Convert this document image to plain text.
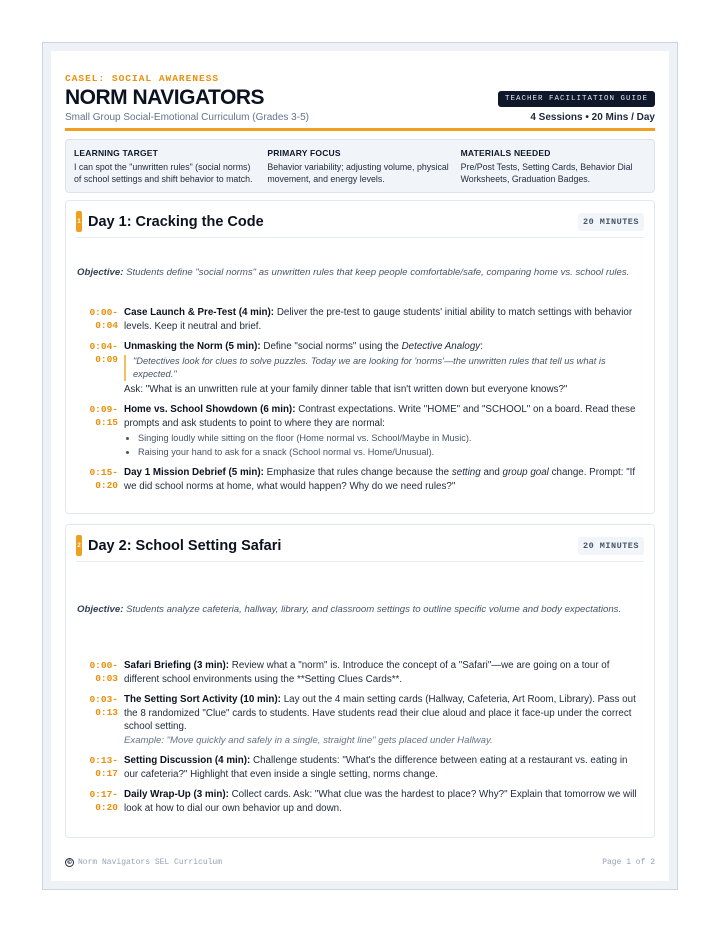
CASEL: SOCIAL AWARENESS
NORM NAVIGATORS	TEACHER FACILITATION GUIDE
Small Group Social-Emotional Curriculum (Grades 3-5)	4 Sessions • 20 Mins / Day
LEARNING TARGET

I can spot the "unwritten rules" (social norms) of school settings and shift behavior to match.

PRIMARY FOCUS

Behavior variability; adjusting volume, physical movement, and energy levels.

MATERIALS NEEDED

Pre/Post Tests, Setting Cards, Behavior Dial Worksheets, Graduation Badges.

1 Day 1: Cracking the Code	20 MINUTES
Objective: Students define "social norms" as unwritten rules that keep people comfortable/safe, comparing home vs. school rules.
0:00-
0:04
Case Launch & Pre-Test (4 min): Deliver the pre-test to gauge students' initial ability to match settings with behavior levels. Keep it neutral and brief.
0:04-
0:09
Unmasking the Norm (5 min): Define "social norms" using the Detective Analogy:
"Detectives look for clues to solve puzzles. Today we are looking for 'norms'—the unwritten rules that tell us what is expected."
Ask: "What is an unwritten rule at your family dinner table that isn't written down but everyone knows?"
0:09-
0:15
Home vs. School Showdown (6 min): Contrast expectations. Write "HOME" and "SCHOOL" on a board. Read these prompts and ask students to point to where they are normal:
• Singing loudly while sitting on the floor (Home normal vs. School/Maybe in Music).
• Raising your hand to ask for a snack (School normal vs. Home/Unusual).
0:15-
0:20
Day 1 Mission Debrief (5 min): Emphasize that rules change because the setting and group goal change. Prompt: "If we did school norms at home, what would happen? Why do we need rules?"
2 Day 2: School Setting Safari	20 MINUTES
Objective: Students analyze cafeteria, hallway, library, and classroom settings to outline specific volume and body expectations.
0:00-
0:03
Safari Briefing (3 min): Review what a "norm" is. Introduce the concept of a "Safari"—we are going on a tour of different school environments using the **Setting Clues Cards**.
0:03-
0:13
The Setting Sort Activity (10 min): Lay out the 4 main setting cards (Hallway, Cafeteria, Art Room, Library). Pass out the 8 randomized "Clue" cards to students. Have students read their clue aloud and place it face-up under the correct school setting.
Example: "Move quickly and safely in a single, straight line" gets placed under Hallway.
0:13-
0:17
Setting Discussion (4 min): Challenge students: "What's the difference between eating at a restaurant vs. eating in our cafeteria?" Highlight that even inside a single setting, norms change.
0:17-
0:20
Daily Wrap-Up (3 min): Collect cards. Ask: "What clue was the hardest to place? Why?" Explain that tomorrow we will look at how to dial our own behavior up and down.
© Norm Navigators SEL Curriculum	Page 1 of 2
